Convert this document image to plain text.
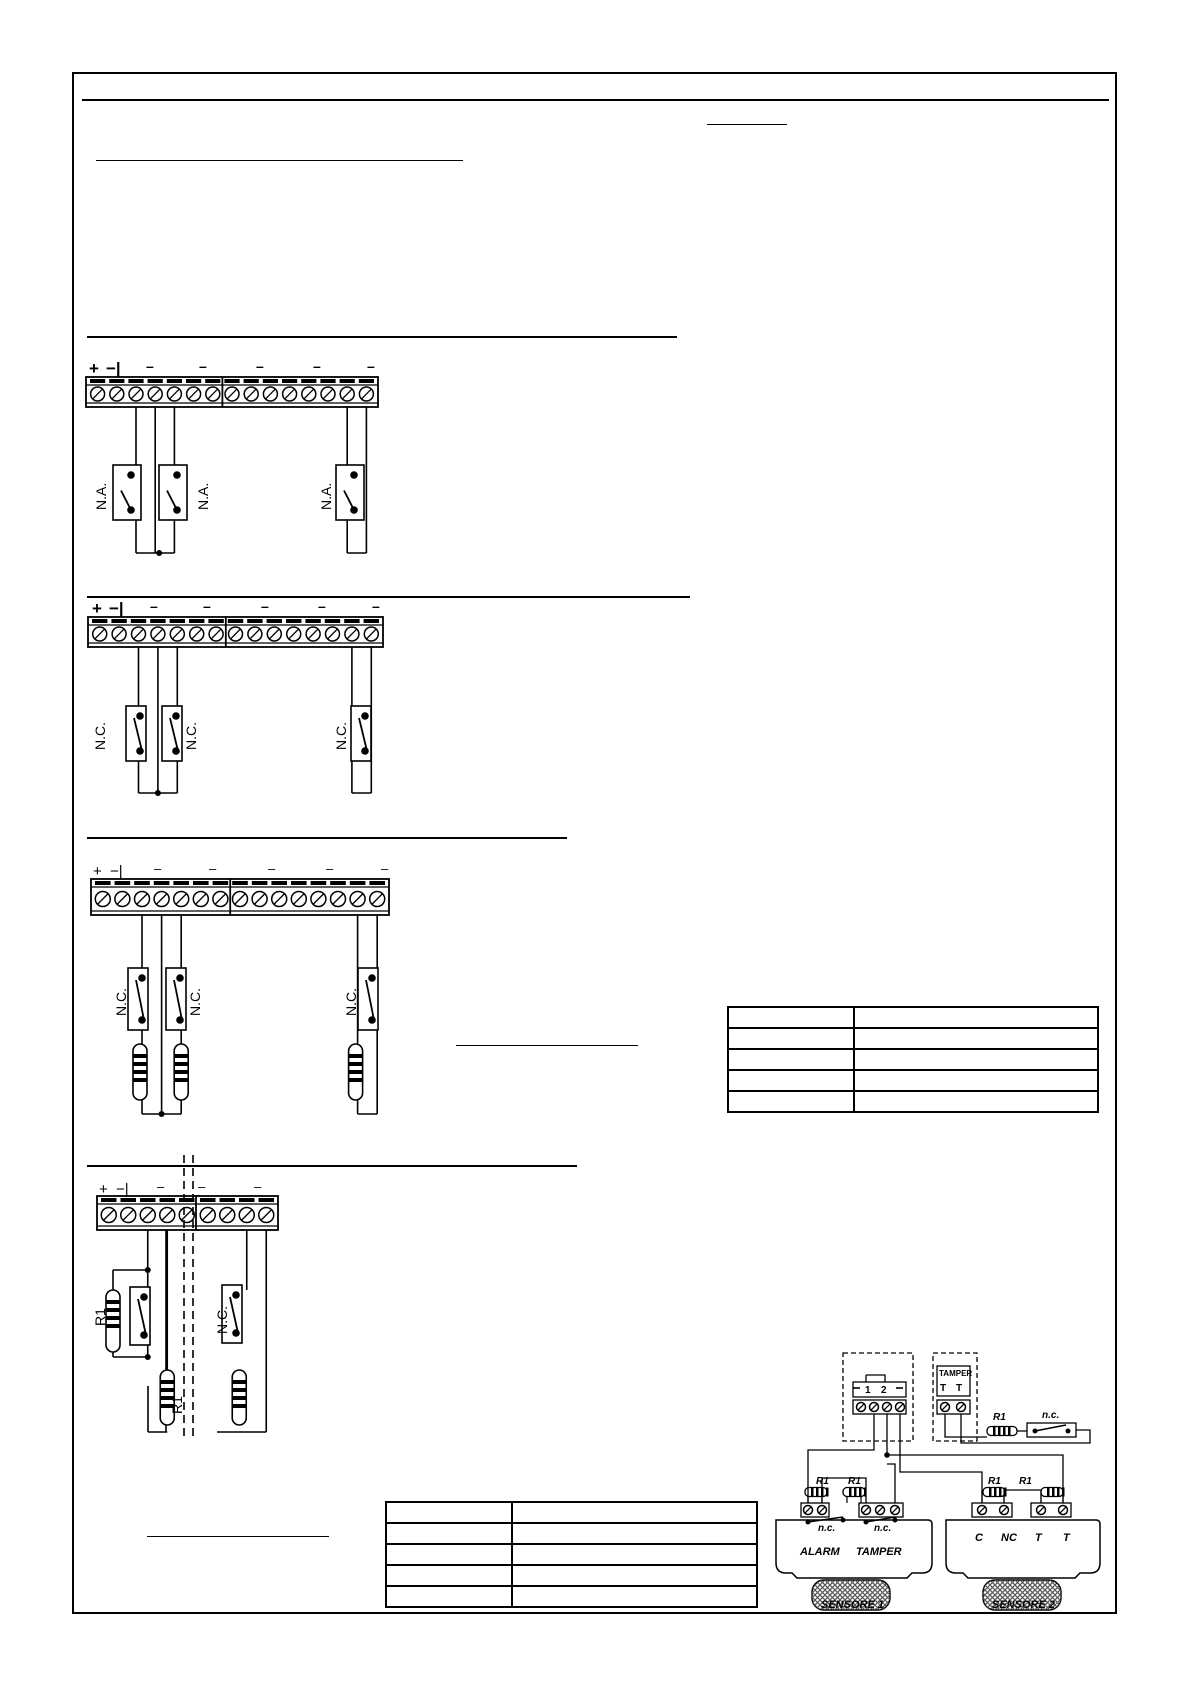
+ −| –	–	–	–	–
+ −| –	–	–	–	–
+ −| –	–	–	–	–
+ −| –	–	–
N.A.	N.A.	N.A.
N.C.	N.C.	N.C.
N.C.	N.C.	N.C.
N.C.
R1
R1
TAMPER
T T
1 2
R1	n.c.
R1 R1	R1 R1
n.c.	n.c.
ALARM TAMPER
C NC T T
SENSORE 1	SENSORE 2
